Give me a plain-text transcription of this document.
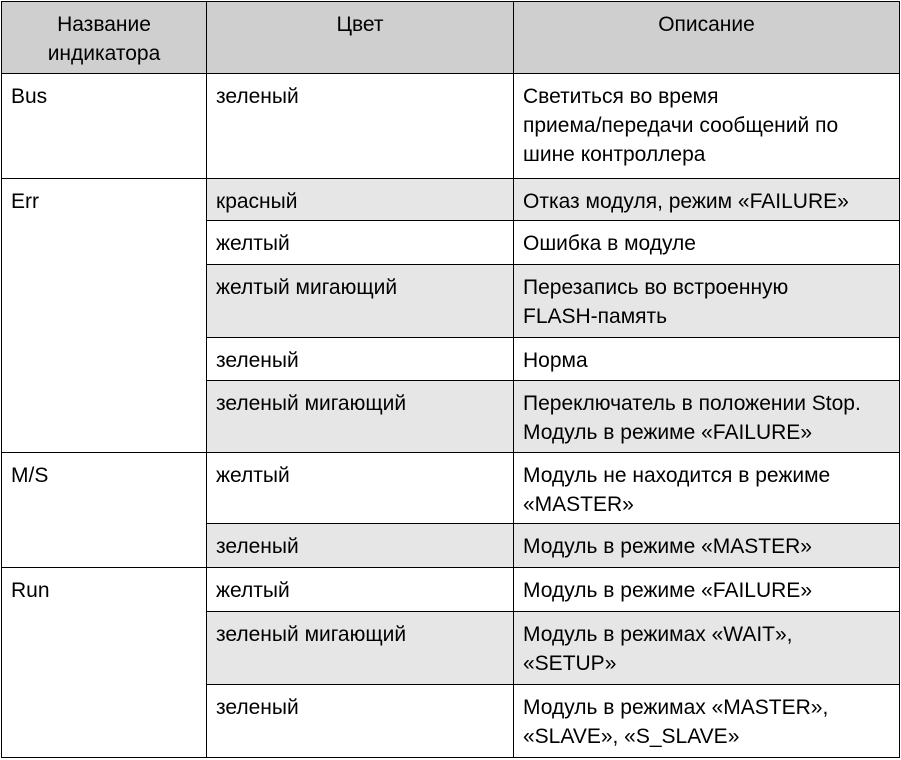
Название
индикатора	Цвет	Описание
Bus	зеленый	Светиться во время
приема/передачи сообщений по
шине контроллера
Err	красный	Отказ модуля, режим «FAILURE»
	желтый	Ошибка в модуле
	желтый мигающий	Перезапись во встроенную
FLASH-память
	зеленый	Норма
	зеленый мигающий	Переключатель в положении Stop.
Модуль в режиме «FAILURE»
M/S	желтый	Модуль не находится в режиме
«MASTER»
	зеленый	Модуль в режиме «MASTER»
Run	желтый	Модуль в режиме «FAILURE»
	зеленый мигающий	Модуль в режимах «WAIT»,
«SETUP»
	зеленый	Модуль в режимах «MASTER»,
«SLAVE», «S_SLAVE»
